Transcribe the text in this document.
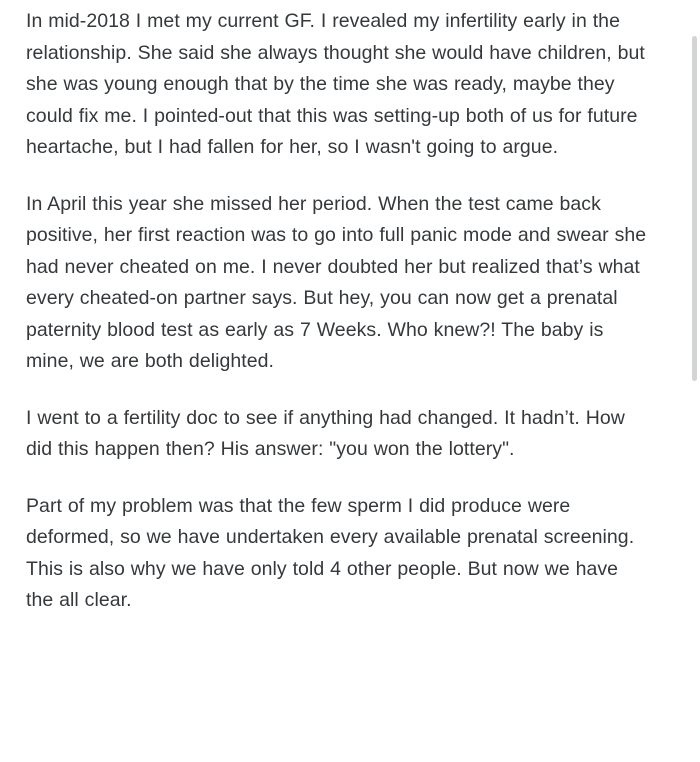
In mid-2018 I met my current GF. I revealed my infertility early in the relationship. She said she always thought she would have children, but she was young enough that by the time she was ready, maybe they could fix me. I pointed-out that this was setting-up both of us for future heartache, but I had fallen for her, so I wasn't going to argue.

In April this year she missed her period. When the test came back positive, her first reaction was to go into full panic mode and swear she had never cheated on me. I never doubted her but realized that’s what every cheated-on partner says. But hey, you can now get a prenatal paternity blood test as early as 7 Weeks. Who knew?! The baby is mine, we are both delighted.

I went to a fertility doc to see if anything had changed. It hadn’t. How did this happen then? His answer: "you won the lottery".

Part of my problem was that the few sperm I did produce were deformed, so we have undertaken every available prenatal screening. This is also why we have only told 4 other people. But now we have the all clear.
